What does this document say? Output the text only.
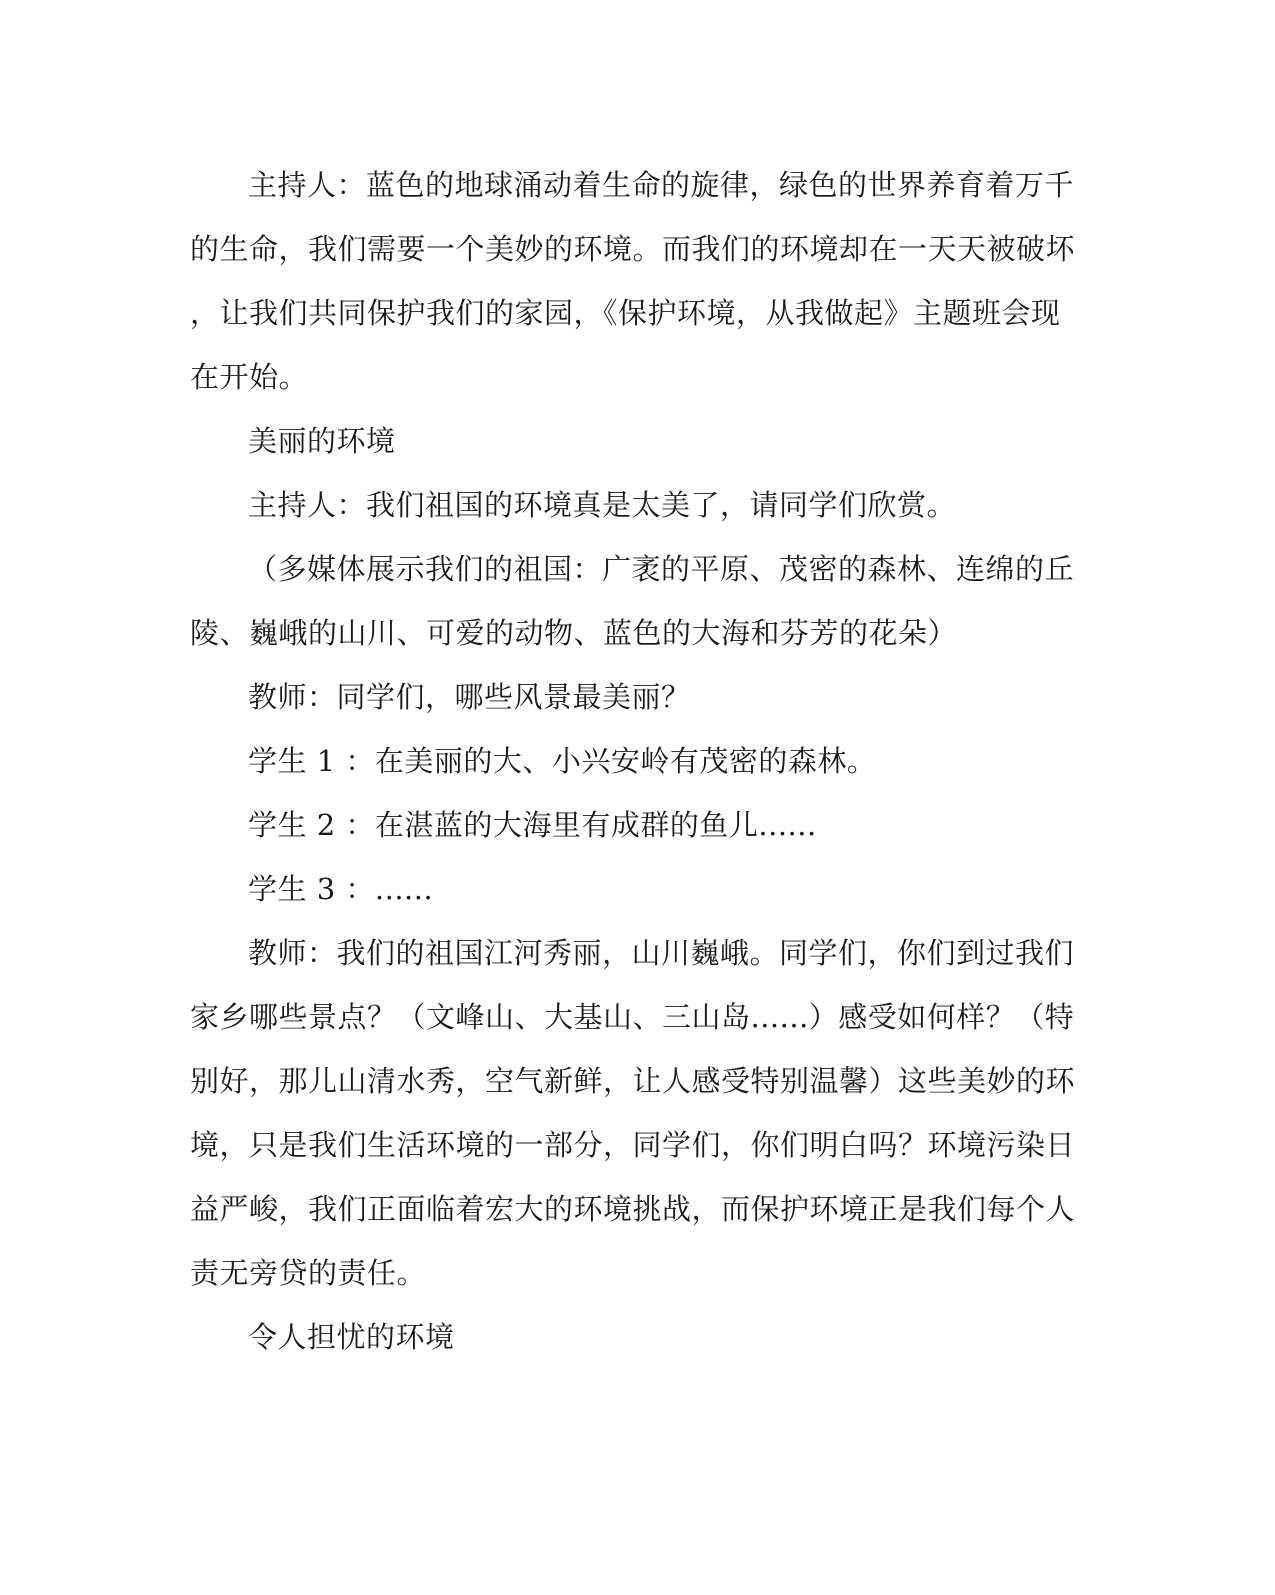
主持人：蓝色的地球涌动着生命的旋律，绿色的世界养育着万千
的生命，我们需要一个美妙的环境。而我们的环境却在一天天被破坏
，让我们共同保护我们的家园，《保护环境，从我做起》主题班会现
在开始。
美丽的环境
主持人：我们祖国的环境真是太美了，请同学们欣赏。
（多媒体展示我们的祖国：广袤的平原、茂密的森林、连绵的丘
陵、巍峨的山川、可爱的动物、蓝色的大海和芬芳的花朵）
教师：同学们，哪些风景最美丽？
学生 1 ：在美丽的大、小兴安岭有茂密的森林。
学生 2 ：在湛蓝的大海里有成群的鱼儿......
学生 3 ：......
教师：我们的祖国江河秀丽，山川巍峨。同学们，你们到过我们
家乡哪些景点？（文峰山、大基山、三山岛......）感受如何样？（特
别好，那儿山清水秀，空气新鲜，让人感受特别温馨）这些美妙的环
境，只是我们生活环境的一部分，同学们，你们明白吗？环境污染日
益严峻，我们正面临着宏大的环境挑战，而保护环境正是我们每个人
责无旁贷的责任。
令人担忧的环境
